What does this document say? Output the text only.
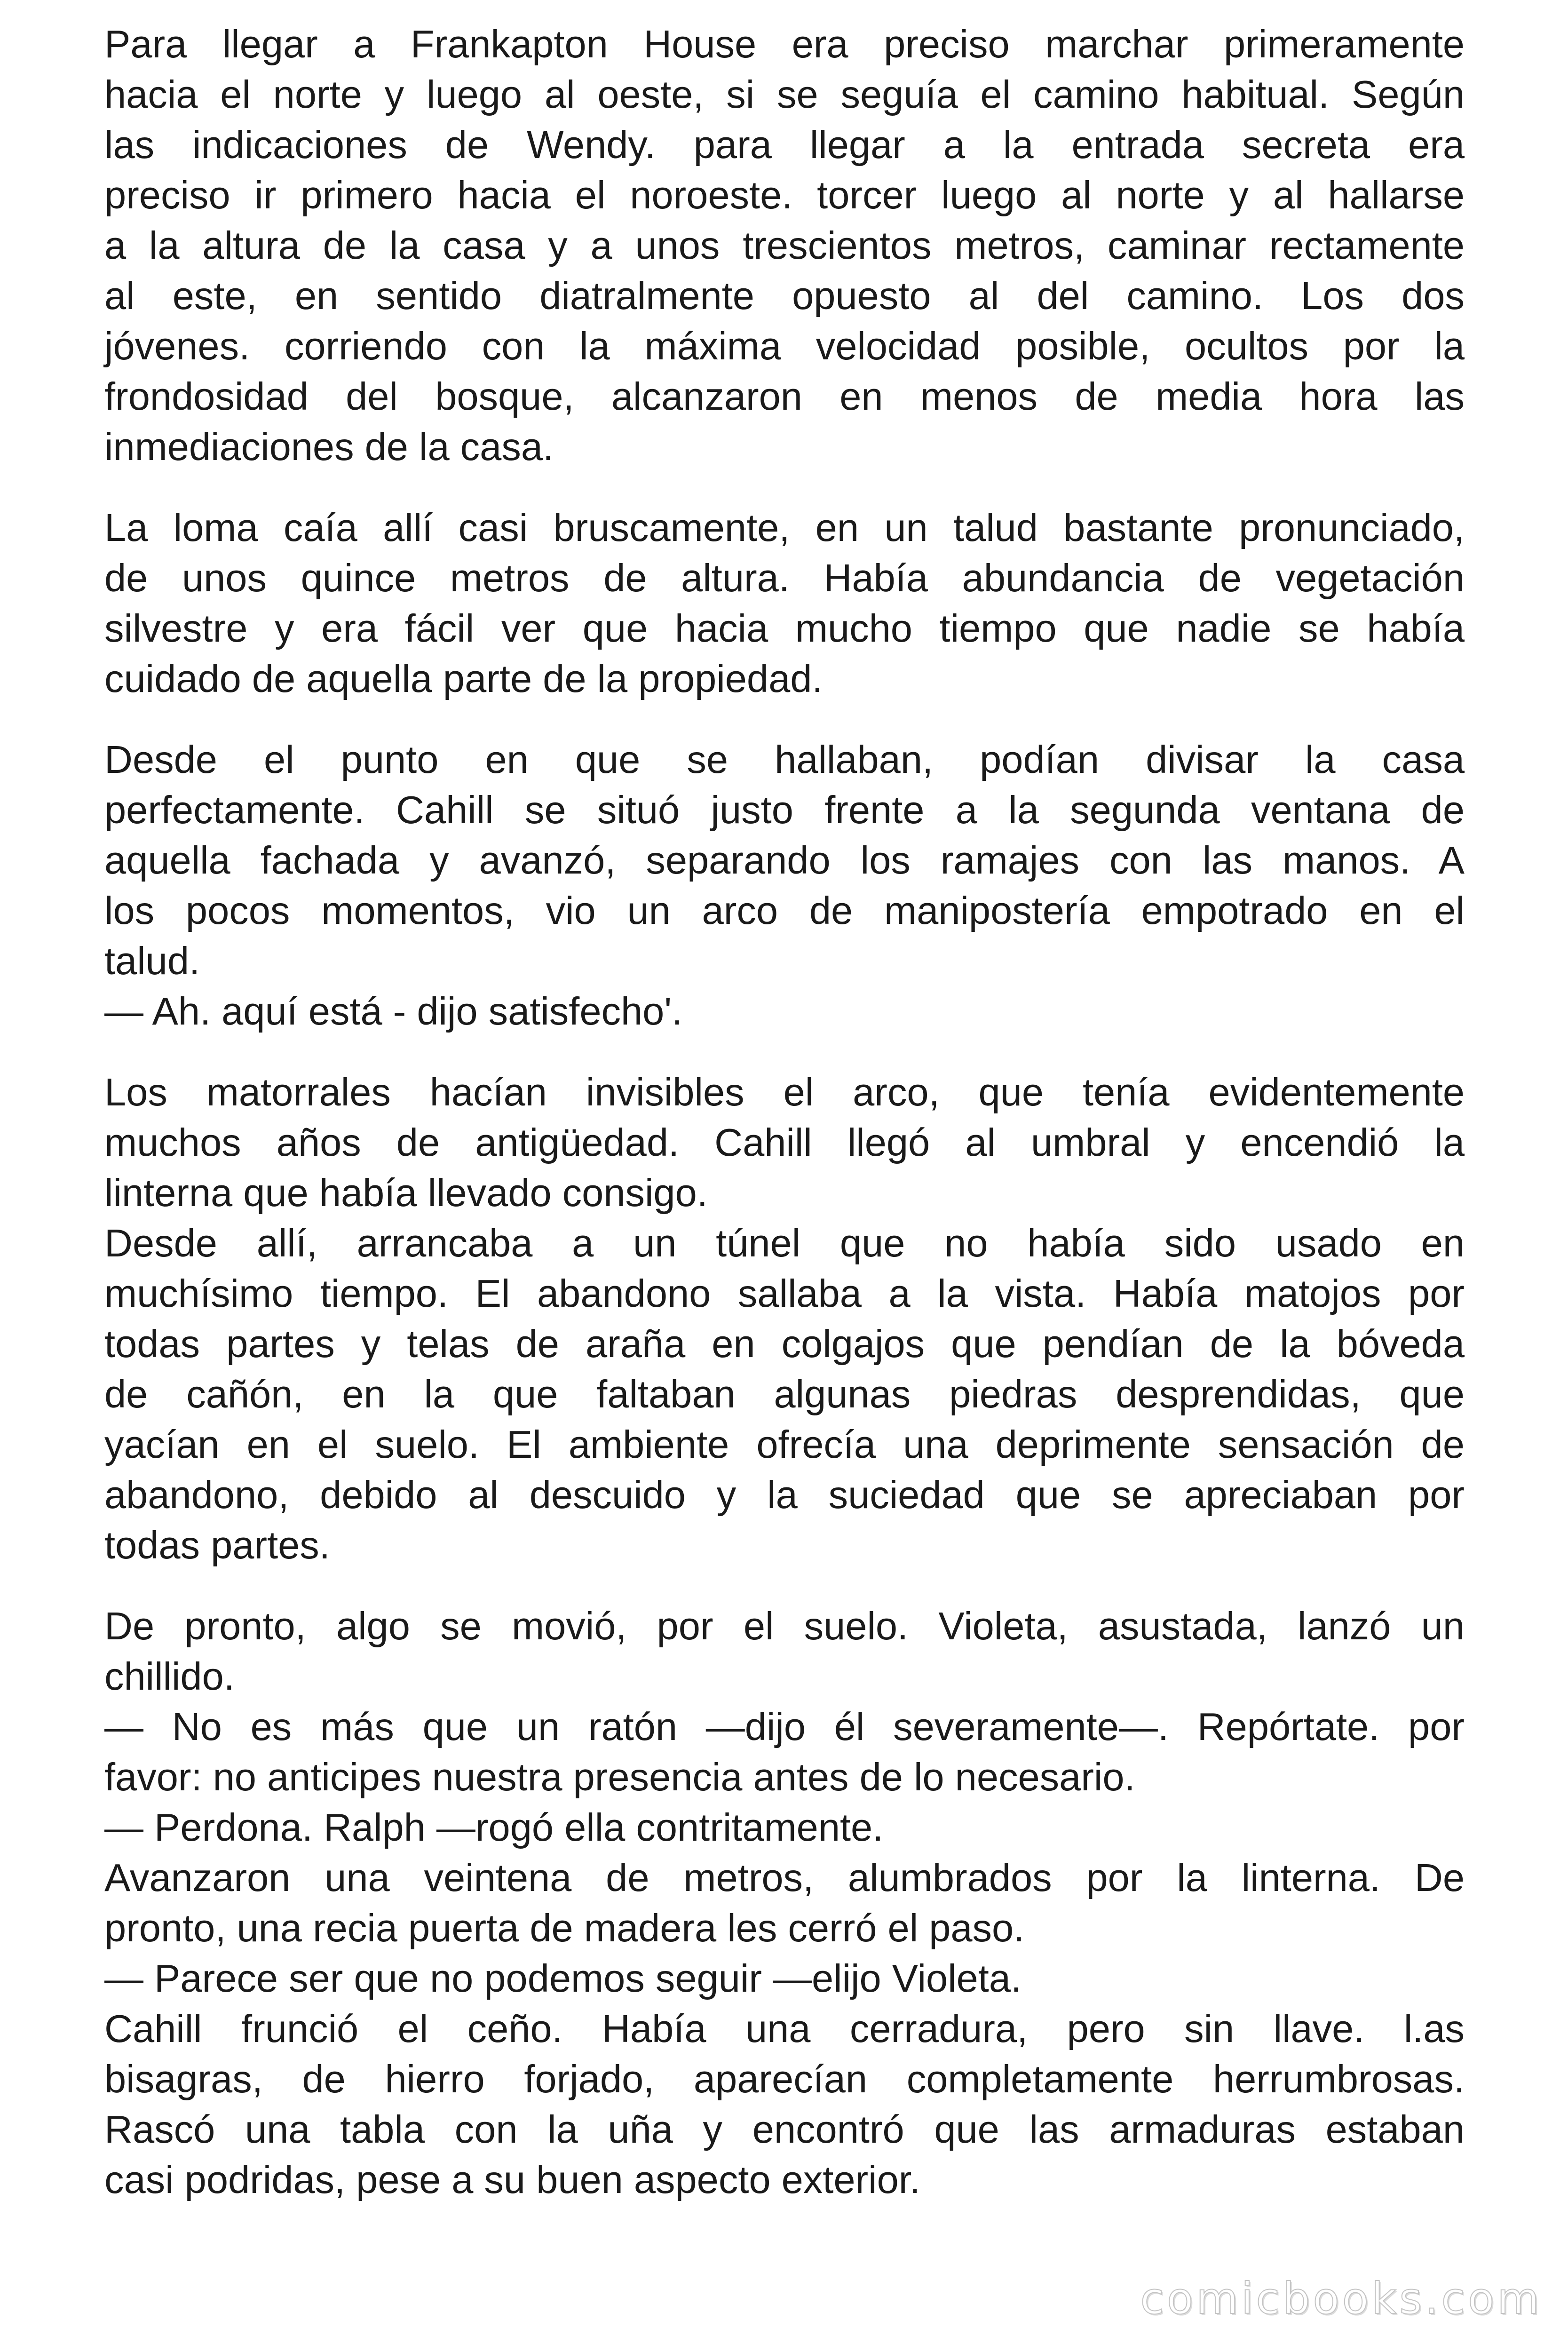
Para llegar a Frankapton House era preciso marchar primeramente
hacia el norte y luego al oeste, si se seguía el camino habitual. Según
las indicaciones de Wendy. para llegar a la entrada secreta era
preciso ir primero hacia el noroeste. torcer luego al norte y al hallarse
a la altura de la casa y a unos trescientos metros, caminar rectamente
al este, en sentido diatralmente opuesto al del camino. Los dos
jóvenes. corriendo con la máxima velocidad posible, ocultos por la
frondosidad del bosque, alcanzaron en menos de media hora las
inmediaciones de la casa.
La loma caía allí casi bruscamente, en un talud bastante pronunciado,
de unos quince metros de altura. Había abundancia de vegetación
silvestre y era fácil ver que hacia mucho tiempo que nadie se había
cuidado de aquella parte de la propiedad.
Desde el punto en que se hallaban, podían divisar la casa
perfectamente. Cahill se situó justo frente a la segunda ventana de
aquella fachada y avanzó, separando los ramajes con las manos. A
los pocos momentos, vio un arco de manipostería empotrado en el
talud.
— Ah. aquí está - dijo satisfecho'.
Los matorrales hacían invisibles el arco, que tenía evidentemente
muchos años de antigüedad. Cahill llegó al umbral y encendió la
linterna que había llevado consigo.
Desde allí, arrancaba a un túnel que no había sido usado en
muchísimo tiempo. El abandono sallaba a la vista. Había matojos por
todas partes y telas de araña en colgajos que pendían de la bóveda
de cañón, en la que faltaban algunas piedras desprendidas, que
yacían en el suelo. El ambiente ofrecía una deprimente sensación de
abandono, debido al descuido y la suciedad que se apreciaban por
todas partes.
De pronto, algo se movió, por el suelo. Violeta, asustada, lanzó un
chillido.
— No es más que un ratón —dijo él severamente—. Repórtate. por
favor: no anticipes nuestra presencia antes de lo necesario.
— Perdona. Ralph —rogó ella contritamente.
Avanzaron una veintena de metros, alumbrados por la linterna. De
pronto, una recia puerta de madera les cerró el paso.
— Parece ser que no podemos seguir —elijo Violeta.
Cahill frunció el ceño. Había una cerradura, pero sin llave. l.as
bisagras, de hierro forjado, aparecían completamente herrumbrosas.
Rascó una tabla con la uña y encontró que las armaduras estaban
casi podridas, pese a su buen aspecto exterior.
comicbooks.com
